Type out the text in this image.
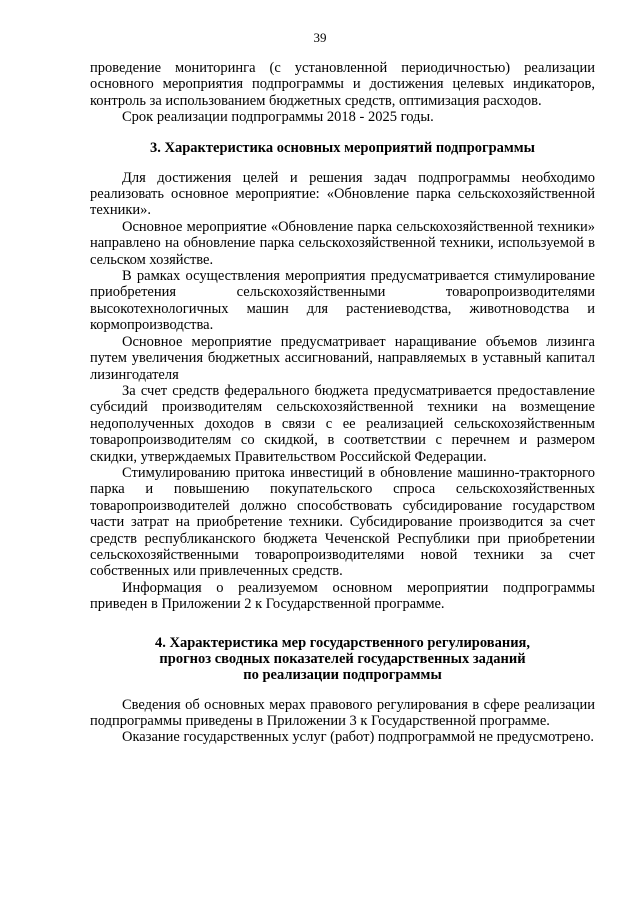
39

проведение мониторинга (с установленной периодичностью) реализации основного мероприятия подпрограммы и достижения целевых индикаторов, контроль за использованием бюджетных средств, оптимизация расходов.

Срок реализации подпрограммы 2018 - 2025 годы.

3. Характеристика основных мероприятий подпрограммы

Для достижения целей и решения задач подпрограммы необходимо реализовать основное мероприятие: «Обновление парка сельскохозяйственной техники».

Основное мероприятие «Обновление парка сельскохозяйственной техники» направлено на обновление парка сельскохозяйственной техники, используемой в сельском хозяйстве.

В рамках осуществления мероприятия предусматривается стимулирование приобретения сельскохозяйственными товаропроизводителями высокотехнологичных машин для растениеводства, животноводства и кормопроизводства.

Основное мероприятие предусматривает наращивание объемов лизинга путем увеличения бюджетных ассигнований, направляемых в уставный капитал лизингодателя

За счет средств федерального бюджета предусматривается предоставление субсидий производителям сельскохозяйственной техники на возмещение недополученных доходов в связи с ее реализацией сельскохозяйственным товаропроизводителям со скидкой, в соответствии с перечнем и размером скидки, утверждаемых Правительством Российской Федерации.

Стимулированию притока инвестиций в обновление машинно-тракторного парка и повышению покупательского спроса сельскохозяйственных товаропроизводителей должно способствовать субсидирование государством части затрат на приобретение техники. Субсидирование производится за счет средств республиканского бюджета Чеченской Республики при приобретении сельскохозяйственными товаропроизводителями новой техники за счет собственных или привлеченных средств.

Информация о реализуемом основном мероприятии подпрограммы приведен в Приложении 2 к Государственной программе.

4. Характеристика мер государственного регулирования,
прогноз сводных показателей государственных заданий
по реализации подпрограммы

Сведения об основных мерах правового регулирования в сфере реализации подпрограммы приведены в Приложении 3 к Государственной программе.

Оказание государственных услуг (работ) подпрограммой не предусмотрено.
